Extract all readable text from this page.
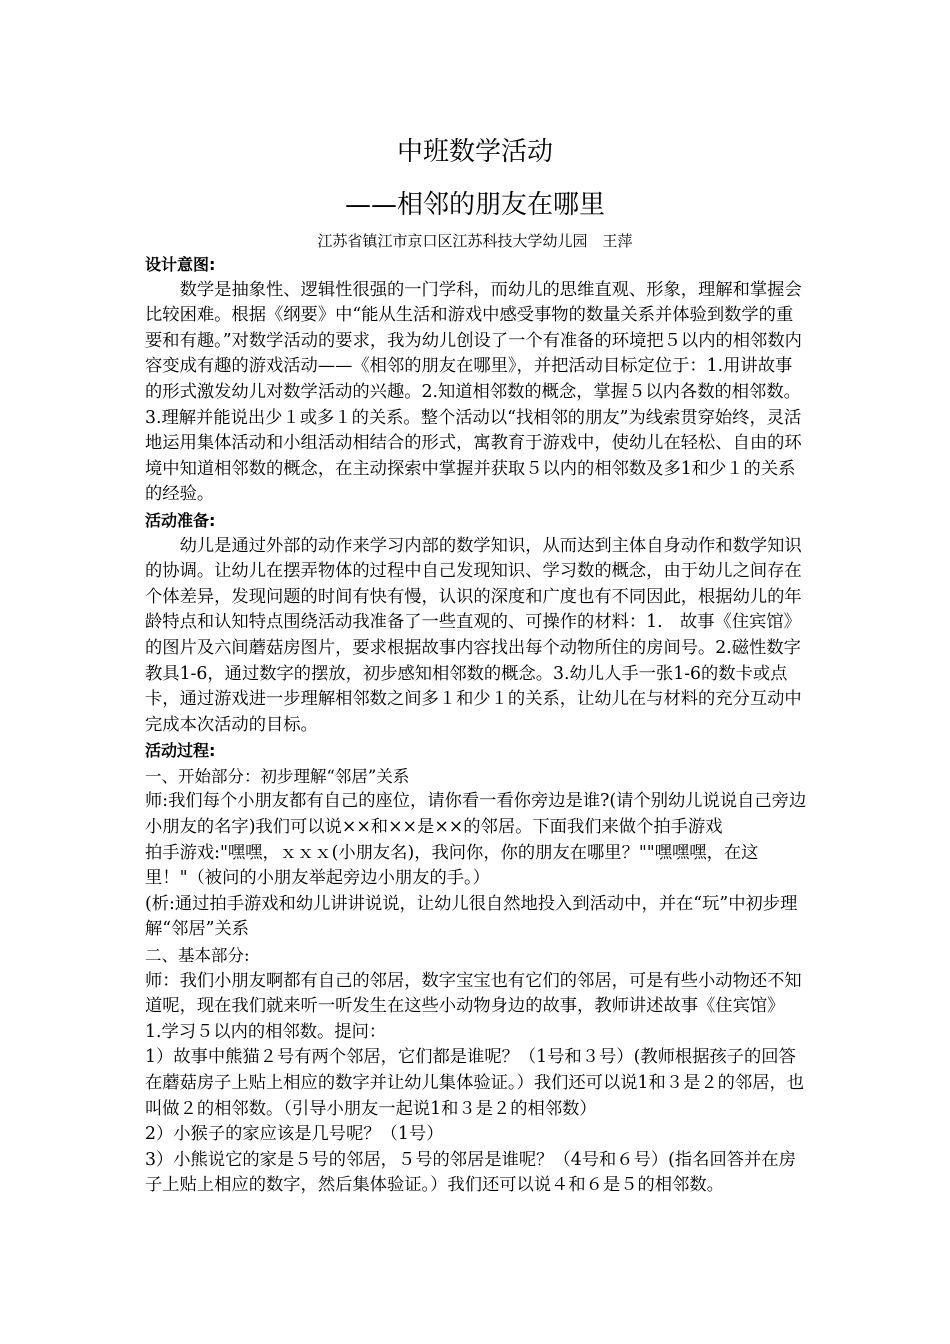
中班数学活动
——相邻的朋友在哪里
江苏省镇江市京口区江苏科技大学幼儿园　王萍

设计意图:

数学是抽象性、逻辑性很强的一门学科，而幼儿的思维直观、形象，理解和掌握会比较困难。根据《纲要》中“能从生活和游戏中感受事物的数量关系并体验到数学的重要和有趣。”对数学活动的要求，我为幼儿创设了一个有准备的环境把５以内的相邻数内容变成有趣的游戏活动——《相邻的朋友在哪里》，并把活动目标定位于：1.用讲故事的形式激发幼儿对数学活动的兴趣。2.知道相邻数的概念，掌握５以内各数的相邻数。3.理解并能说出少１或多１的关系。整个活动以“找相邻的朋友”为线索贯穿始终，灵活地运用集体活动和小组活动相结合的形式，寓教育于游戏中，使幼儿在轻松、自由的环境中知道相邻数的概念，在主动探索中掌握并获取５以内的相邻数及多1和少１的关系的经验。

活动准备:

幼儿是通过外部的动作来学习内部的数学知识，从而达到主体自身动作和数学知识的协调。让幼儿在摆弄物体的过程中自己发现知识、学习数的概念，由于幼儿之间存在个体差异，发现问题的时间有快有慢，认识的深度和广度也有不同因此，根据幼儿的年龄特点和认知特点围绕活动我准备了一些直观的、可操作的材料：1.　故事《住宾馆》的图片及六间蘑菇房图片，要求根据故事内容找出每个动物所住的房间号。2.磁性数字教具1-6，通过数字的摆放，初步感知相邻数的概念。3.幼儿人手一张1-6的数卡或点卡，通过游戏进一步理解相邻数之间多１和少１的关系，让幼儿在与材料的充分互动中完成本次活动的目标。

活动过程:

一、开始部分：初步理解“邻居”关系

师:我们每个小朋友都有自己的座位，请你看一看你旁边是谁?(请个别幼儿说说自己旁边小朋友的名字)我们可以说××和××是××的邻居。下面我们来做个拍手游戏

拍手游戏:"嘿嘿，ｘｘｘ(小朋友名)，我问你，你的朋友在哪里？""嘿嘿嘿，在这里！"（被问的小朋友举起旁边小朋友的手。）

(析:通过拍手游戏和幼儿讲讲说说，让幼儿很自然地投入到活动中，并在“玩”中初步理解“邻居”关系

二、基本部分:

师：我们小朋友啊都有自己的邻居，数字宝宝也有它们的邻居，可是有些小动物还不知道呢，现在我们就来听一听发生在这些小动物身边的故事，教师讲述故事《住宾馆》

1.学习５以内的相邻数。提问：

1）故事中熊猫２号有两个邻居，它们都是谁呢？（1号和３号）(教师根据孩子的回答在蘑菇房子上贴上相应的数字并让幼儿集体验证。）我们还可以说1和３是２的邻居，也叫做２的相邻数。（引导小朋友一起说1和３是２的相邻数）

2）小猴子的家应该是几号呢？（1号）

3）小熊说它的家是５号的邻居，５号的邻居是谁呢？（4号和６号）(指名回答并在房子上贴上相应的数字，然后集体验证。）我们还可以说４和６是５的相邻数。
